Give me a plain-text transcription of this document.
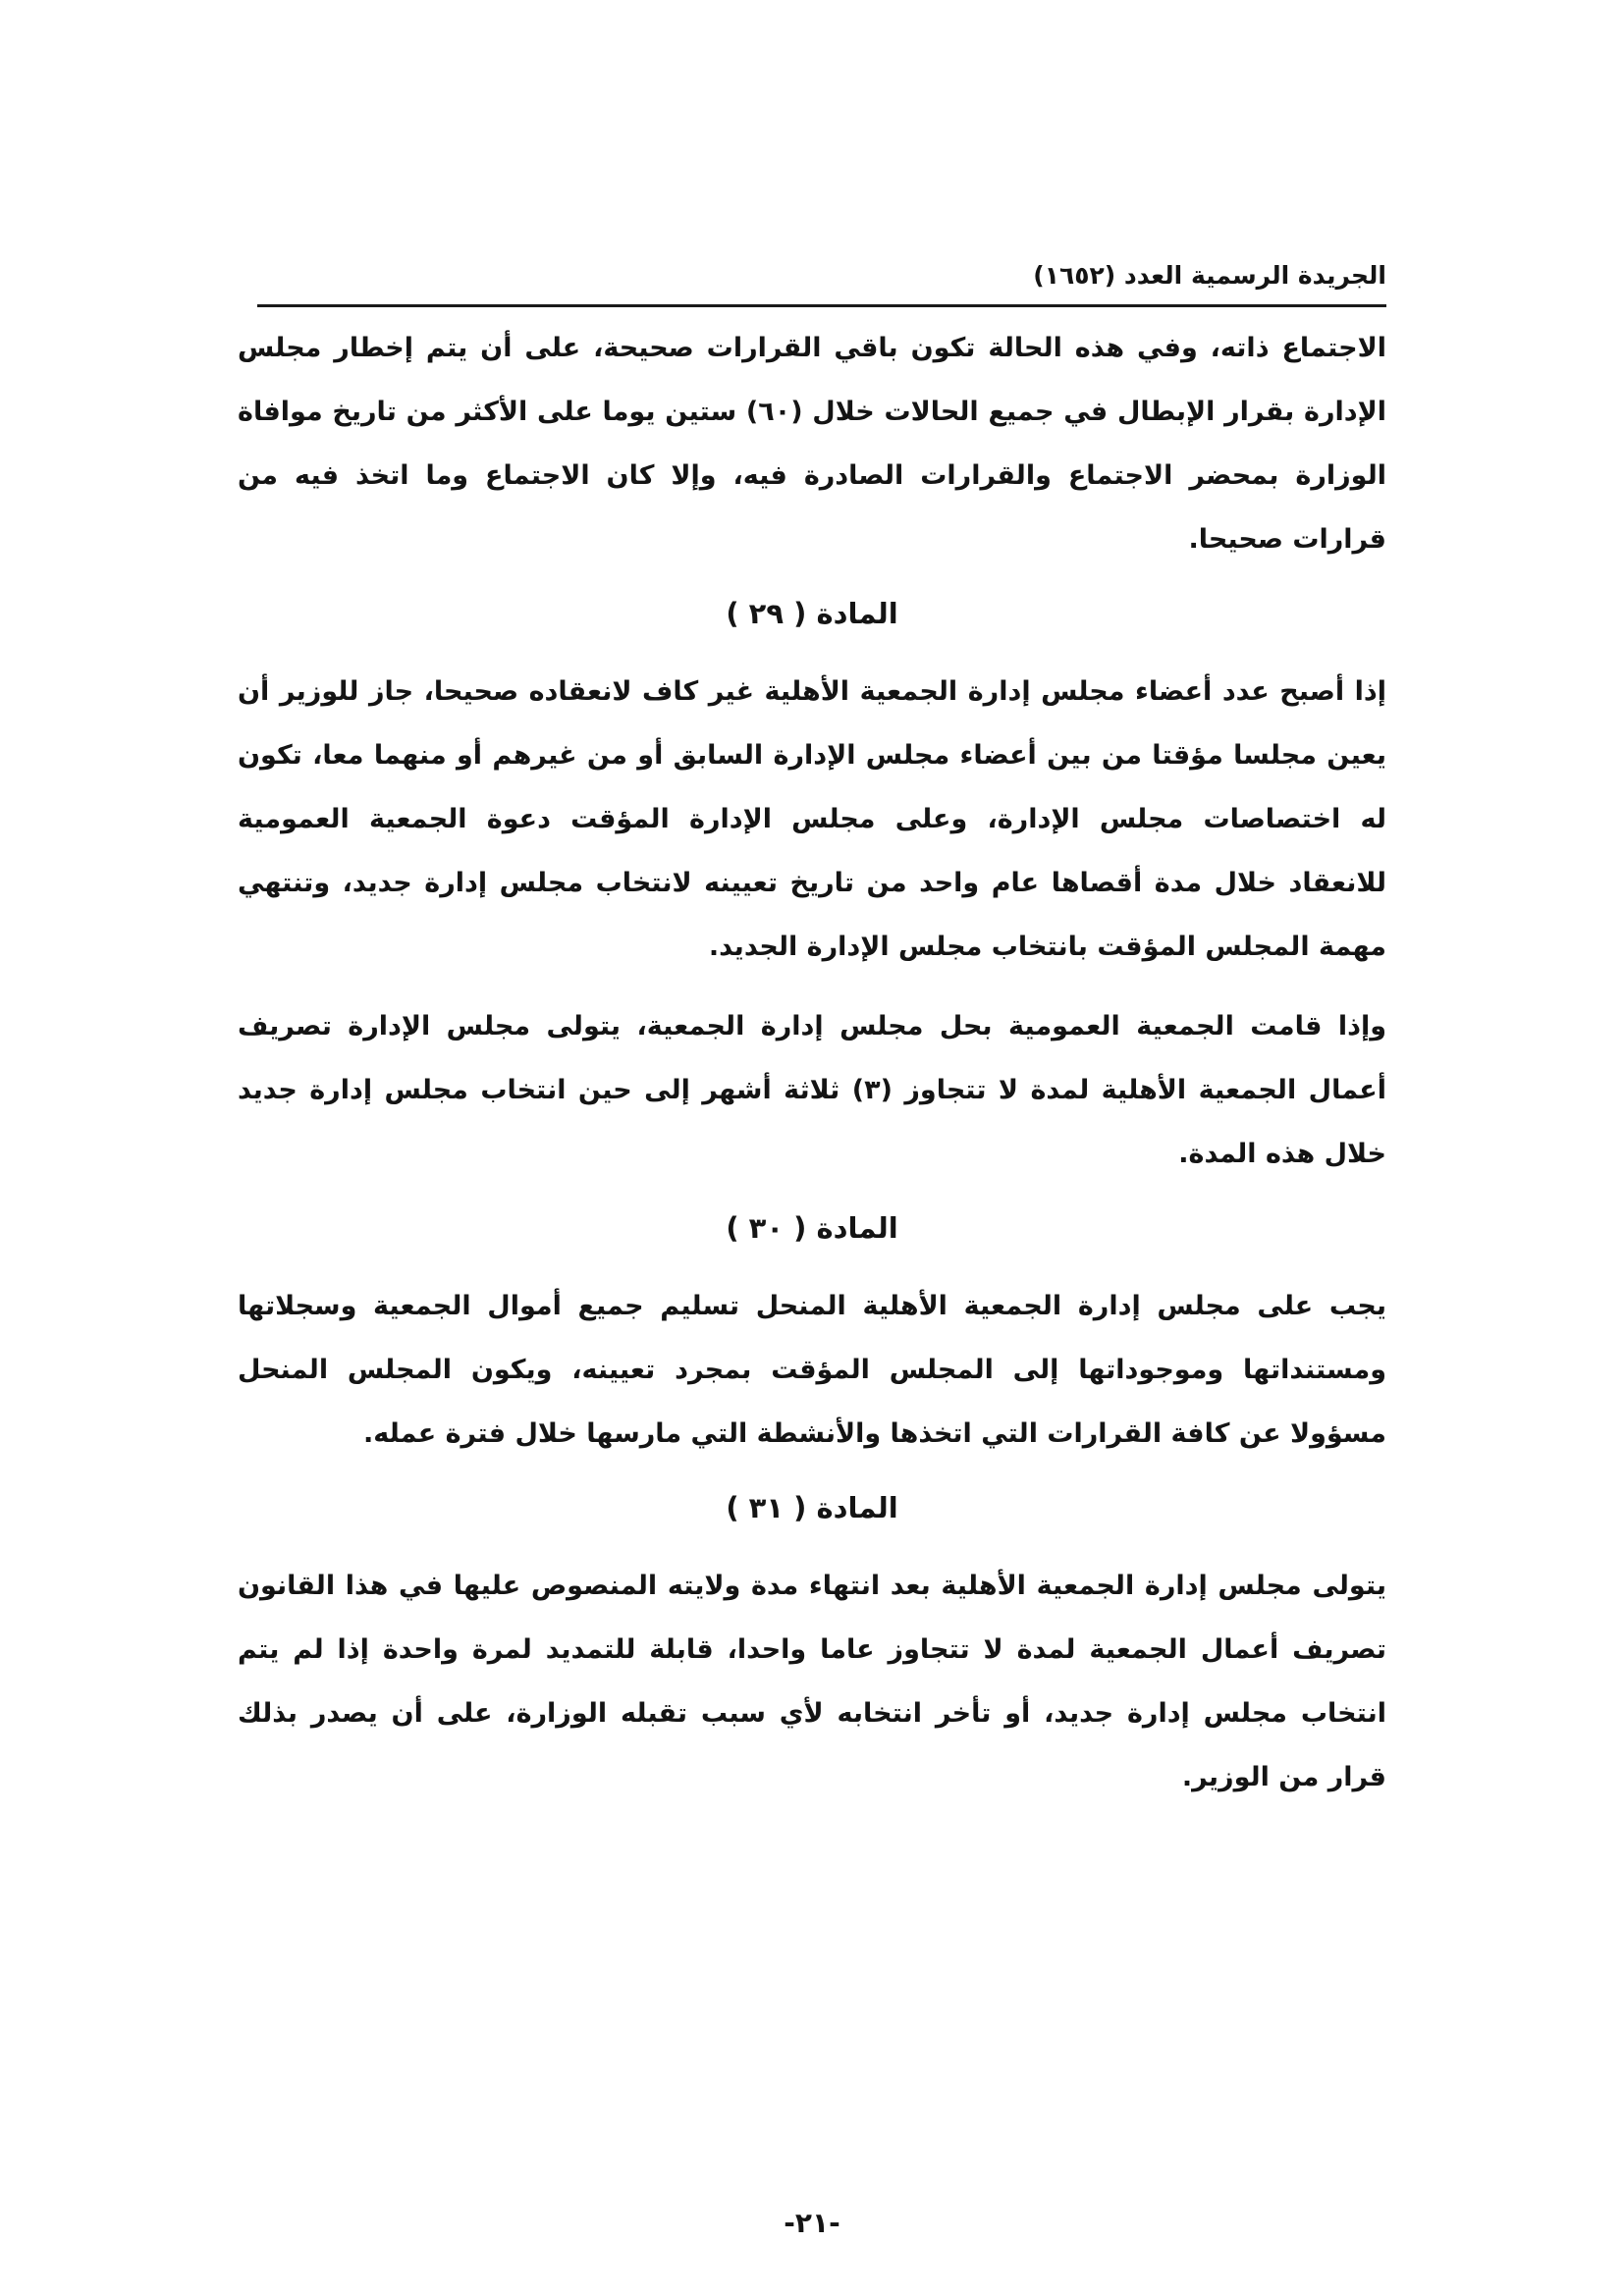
الجريدة الرسمية العدد (١٦٥٢)

الاجتماع ذاته، وفي هذه الحالة تكون باقي القرارات صحيحة، على أن يتم إخطار مجلس الإدارة بقرار الإبطال في جميع الحالات خلال (٦٠) ستين يوما على الأكثر من تاريخ موافاة الوزارة بمحضر الاجتماع والقرارات الصادرة فيه، وإلا كان الاجتماع وما اتخذ فيه من قرارات صحيحا.

المادة ( ٢٩ )

إذا أصبح عدد أعضاء مجلس إدارة الجمعية الأهلية غير كاف لانعقاده صحيحا، جاز للوزير أن يعين مجلسا مؤقتا من بين أعضاء مجلس الإدارة السابق أو من غيرهم أو منهما معا، تكون له اختصاصات مجلس الإدارة، وعلى مجلس الإدارة المؤقت دعوة الجمعية العمومية للانعقاد خلال مدة أقصاها عام واحد من تاريخ تعيينه لانتخاب مجلس إدارة جديد، وتنتهي مهمة المجلس المؤقت بانتخاب مجلس الإدارة الجديد.

وإذا قامت الجمعية العمومية بحل مجلس إدارة الجمعية، يتولى مجلس الإدارة تصريف أعمال الجمعية الأهلية لمدة لا تتجاوز (٣) ثلاثة أشهر إلى حين انتخاب مجلس إدارة جديد خلال هذه المدة.

المادة ( ٣٠ )

يجب على مجلس إدارة الجمعية الأهلية المنحل تسليم جميع أموال الجمعية وسجلاتها ومستنداتها وموجوداتها إلى المجلس المؤقت بمجرد تعيينه، ويكون المجلس المنحل مسؤولا عن كافة القرارات التي اتخذها والأنشطة التي مارسها خلال فترة عمله.

المادة ( ٣١ )

يتولى مجلس إدارة الجمعية الأهلية بعد انتهاء مدة ولايته المنصوص عليها في هذا القانون تصريف أعمال الجمعية لمدة لا تتجاوز عاما واحدا، قابلة للتمديد لمرة واحدة إذا لم يتم انتخاب مجلس إدارة جديد، أو تأخر انتخابه لأي سبب تقبله الوزارة، على أن يصدر بذلك قرار من الوزير.

-٢١-
